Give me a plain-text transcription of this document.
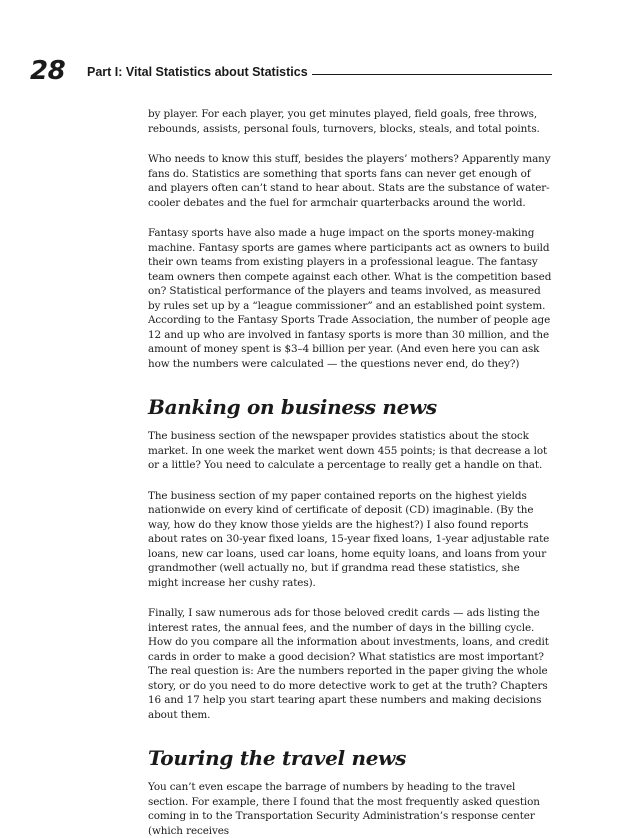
28 Part I: Vital Statistics about Statistics

by player. For each player, you get minutes played, field goals, free throws, rebounds, assists, personal fouls, turnovers, blocks, steals, and total points.

Who needs to know this stuff, besides the players’ mothers? Apparently many fans do. Statistics are something that sports fans can never get enough of and players often can’t stand to hear about. Stats are the substance of water-cooler debates and the fuel for armchair quarterbacks around the world.

Fantasy sports have also made a huge impact on the sports money-making machine. Fantasy sports are games where participants act as owners to build their own teams from existing players in a professional league. The fantasy team owners then compete against each other. What is the competition based on? Statistical performance of the players and teams involved, as measured by rules set up by a “league commissioner” and an established point system. According to the Fantasy Sports Trade Association, the number of people age 12 and up who are involved in fantasy sports is more than 30 million, and the amount of money spent is $3–4 billion per year. (And even here you can ask how the numbers were calculated — the questions never end, do they?)

Banking on business news

The business section of the newspaper provides statistics about the stock market. In one week the market went down 455 points; is that decrease a lot or a little? You need to calculate a percentage to really get a handle on that.

The business section of my paper contained reports on the highest yields nationwide on every kind of certificate of deposit (CD) imaginable. (By the way, how do they know those yields are the highest?) I also found reports about rates on 30-year fixed loans, 15-year fixed loans, 1-year adjustable rate loans, new car loans, used car loans, home equity loans, and loans from your grandmother (well actually no, but if grandma read these statistics, she might increase her cushy rates).

Finally, I saw numerous ads for those beloved credit cards — ads listing the interest rates, the annual fees, and the number of days in the billing cycle. How do you compare all the information about investments, loans, and credit cards in order to make a good decision? What statistics are most important? The real question is: Are the numbers reported in the paper giving the whole story, or do you need to do more detective work to get at the truth? Chapters 16 and 17 help you start tearing apart these numbers and making decisions about them.

Touring the travel news

You can’t even escape the barrage of numbers by heading to the travel section. For example, there I found that the most frequently asked question coming in to the Transportation Security Administration’s response center (which receives
